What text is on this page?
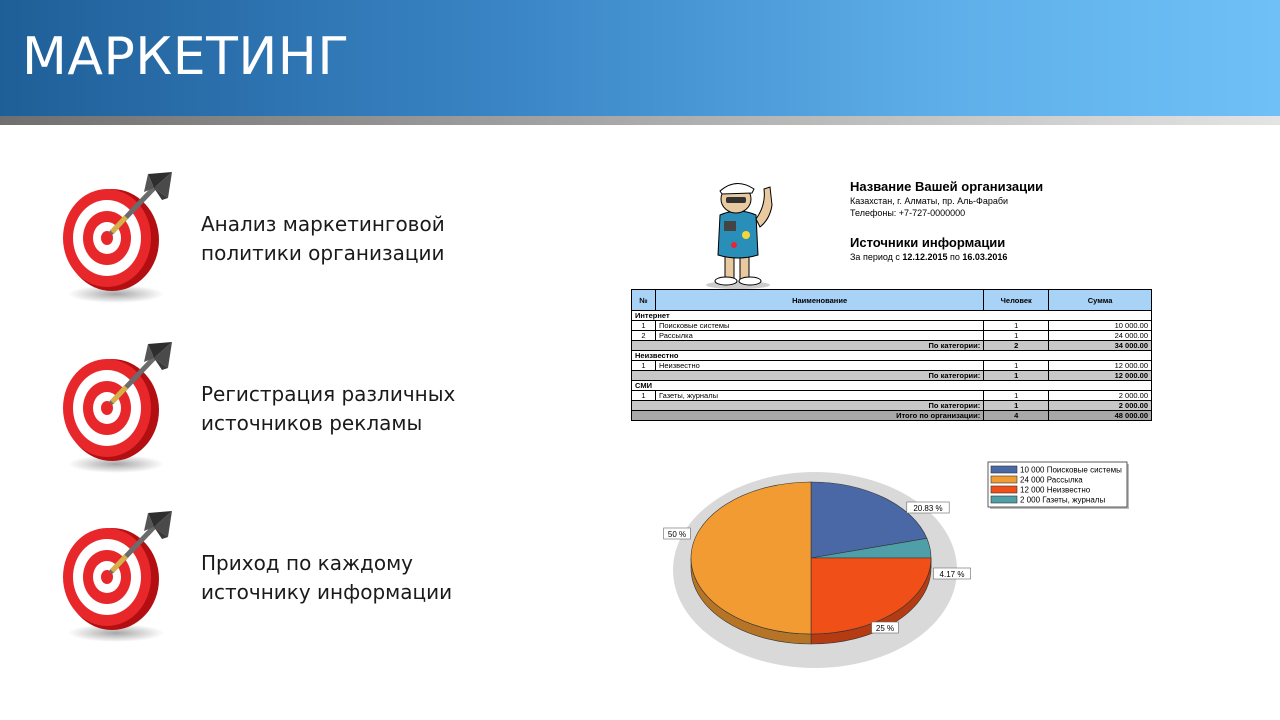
МАРКЕТИНГ
Анализ маркетинговой
политики организации
Регистрация различных
источников рекламы
Приход по каждому
источнику информации
Название Вашей организации
Казахстан, г. Алматы, пр. Аль-Фараби
Телефоны: +7-727-0000000
Источники информации
За период с 12.12.2015 по 16.03.2016
№	Наименование	Человек	Сумма
Интернет			
1	Поисковые системы	1	10 000.00
2	Рассылка	1	24 000.00
По категории:		2	34 000.00
Неизвестно			
1	Неизвестно	1	12 000.00
По категории:		1	12 000.00
СМИ			
1	Газеты, журналы	1	2 000.00
По категории:		1	2 000.00
Итого по организации:		4	48 000.00
20.83 %
50 %
25 %
4.17 %
10 000 Поисковые системы
24 000 Рассылка
12 000 Неизвестно
2 000 Газеты, журналы
